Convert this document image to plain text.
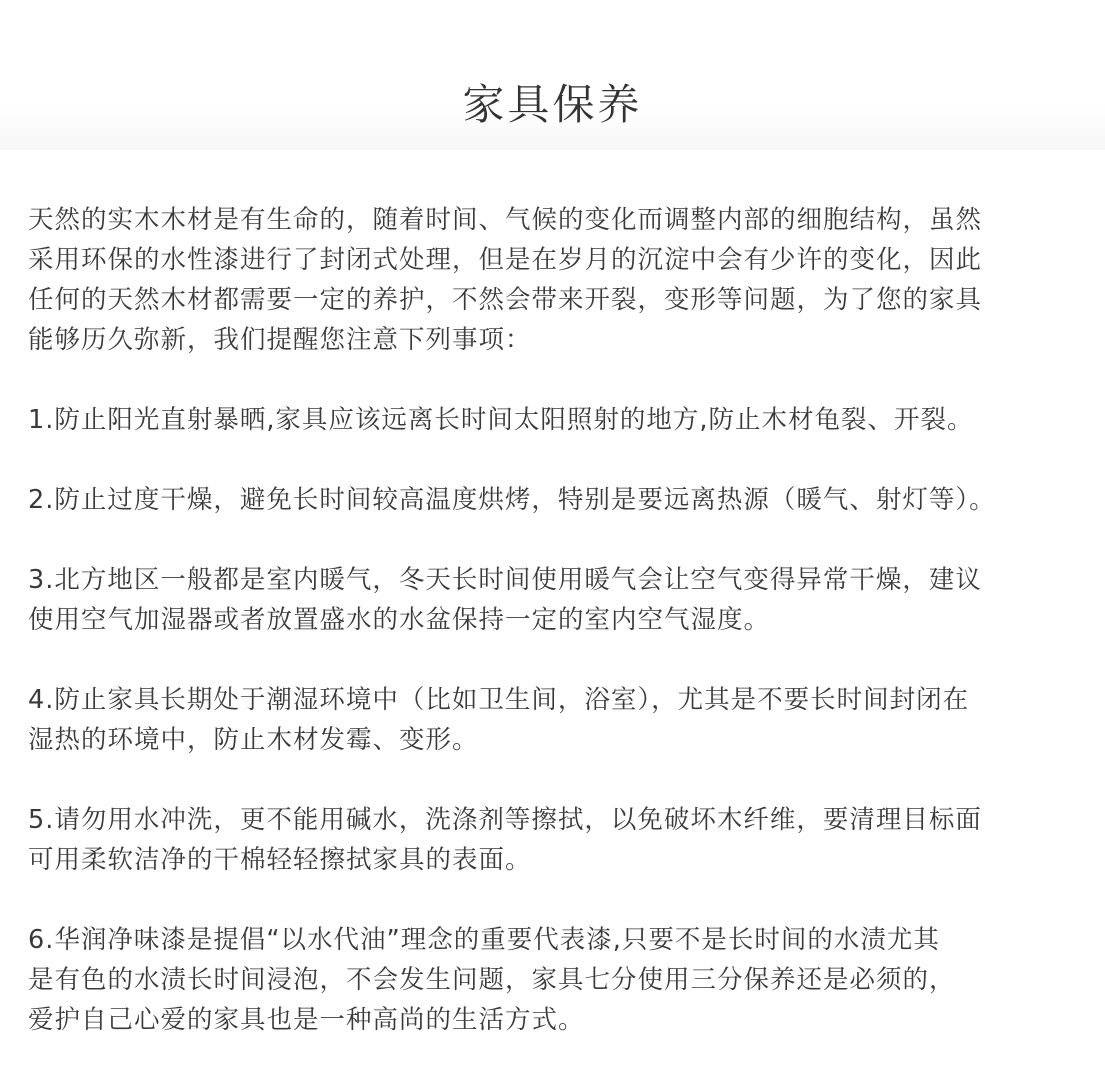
家具保养
天然的实木木材是有生命的，随着时间、气候的变化而调整内部的细胞结构，虽然
采用环保的水性漆进行了封闭式处理，但是在岁月的沉淀中会有少许的变化，因此
任何的天然木材都需要一定的养护，不然会带来开裂，变形等问题，为了您的家具
能够历久弥新，我们提醒您注意下列事项：
1.防止阳光直射暴晒,家具应该远离长时间太阳照射的地方,防止木材龟裂、开裂。
2.防止过度干燥，避免长时间较高温度烘烤，特别是要远离热源（暖气、射灯等）。
3.北方地区一般都是室内暖气，冬天长时间使用暖气会让空气变得异常干燥，建议
使用空气加湿器或者放置盛水的水盆保持一定的室内空气湿度。
4.防止家具长期处于潮湿环境中（比如卫生间，浴室），尤其是不要长时间封闭在
湿热的环境中，防止木材发霉、变形。
5.请勿用水冲洗，更不能用碱水，洗涤剂等擦拭，以免破坏木纤维，要清理目标面
可用柔软洁净的干棉轻轻擦拭家具的表面。
6.华润净味漆是提倡“以水代油”理念的重要代表漆,只要不是长时间的水渍尤其
是有色的水渍长时间浸泡，不会发生问题，家具七分使用三分保养还是必须的，
爱护自己心爱的家具也是一种高尚的生活方式。
